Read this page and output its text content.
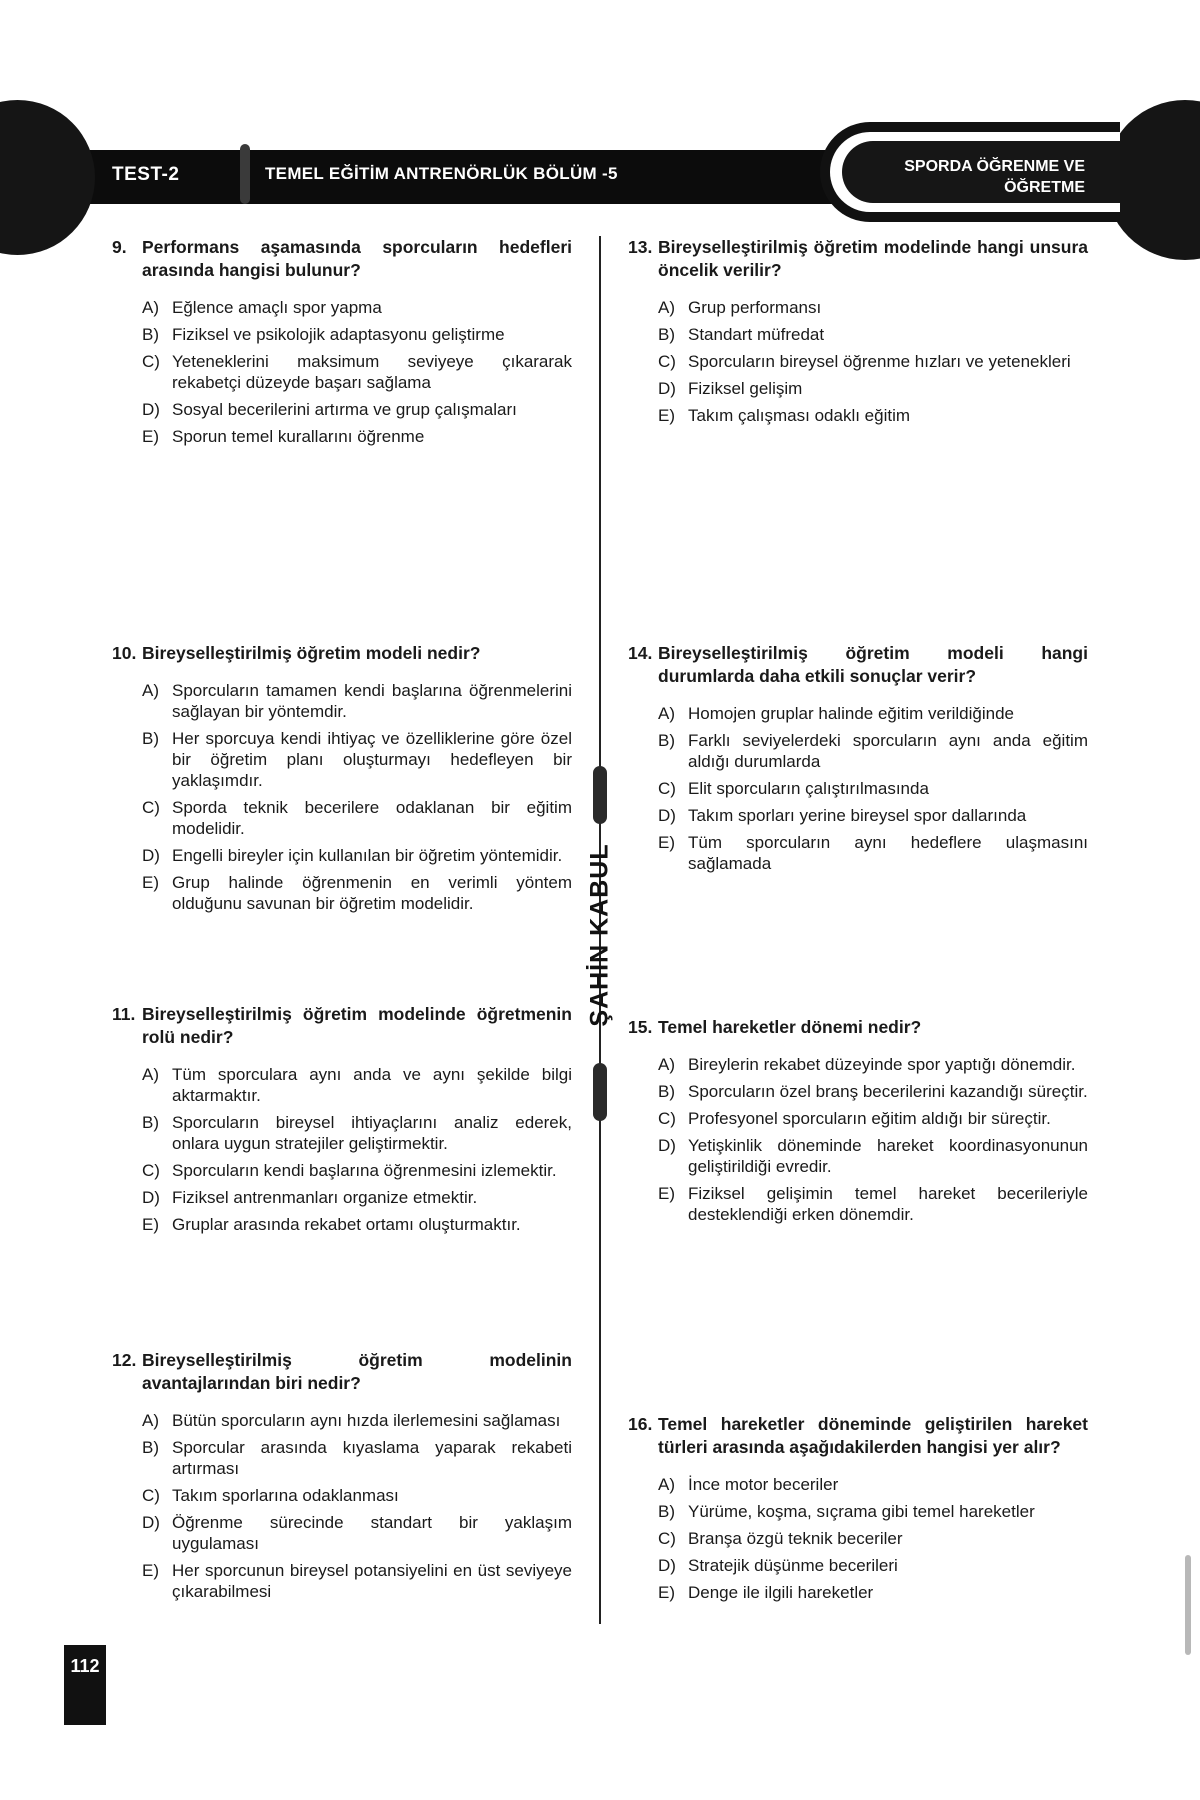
TEST-2	TEMEL EĞİTİM ANTRENÖRLÜK BÖLÜM -5	SPORDA ÖĞRENME VE
ÖĞRETME
ŞAHİN KABUL
9. Performans aşamasında sporcuların hedefleri arasında hangisi bulunur?
A) Eğlence amaçlı spor yapma
B) Fiziksel ve psikolojik adaptasyonu geliştirme
C) Yeteneklerini maksimum seviyeye çıkararak rekabetçi düzeyde başarı sağlama
D) Sosyal becerilerini artırma ve grup çalışmaları
E) Sporun temel kurallarını öğrenme
10. Bireyselleştirilmiş öğretim modeli nedir?
A) Sporcuların tamamen kendi başlarına öğrenmelerini sağlayan bir yöntemdir.
B) Her sporcuya kendi ihtiyaç ve özelliklerine göre özel bir öğretim planı oluşturmayı hedefleyen bir yaklaşımdır.
C) Sporda teknik becerilere odaklanan bir eğitim modelidir.
D) Engelli bireyler için kullanılan bir öğretim yöntemidir.
E) Grup halinde öğrenmenin en verimli yöntem olduğunu savunan bir öğretim modelidir.
11. Bireyselleştirilmiş öğretim modelinde öğretmenin rolü nedir?
A) Tüm sporculara aynı anda ve aynı şekilde bilgi aktarmaktır.
B) Sporcuların bireysel ihtiyaçlarını analiz ederek, onlara uygun stratejiler geliştirmektir.
C) Sporcuların kendi başlarına öğrenmesini izlemektir.
D) Fiziksel antrenmanları organize etmektir.
E) Gruplar arasında rekabet ortamı oluşturmaktır.
12. Bireyselleştirilmiş öğretim modelinin avantajlarından biri nedir?
A) Bütün sporcuların aynı hızda ilerlemesini sağlaması
B) Sporcular arasında kıyaslama yaparak rekabeti artırması
C) Takım sporlarına odaklanması
D) Öğrenme sürecinde standart bir yaklaşım uygulaması
E) Her sporcunun bireysel potansiyelini en üst seviyeye çıkarabilmesi
13. Bireyselleştirilmiş öğretim modelinde hangi unsura öncelik verilir?
A) Grup performansı
B) Standart müfredat
C) Sporcuların bireysel öğrenme hızları ve yetenekleri
D) Fiziksel gelişim
E) Takım çalışması odaklı eğitim
14. Bireyselleştirilmiş öğretim modeli hangi durumlarda daha etkili sonuçlar verir?
A) Homojen gruplar halinde eğitim verildiğinde
B) Farklı seviyelerdeki sporcuların aynı anda eğitim aldığı durumlarda
C) Elit sporcuların çalıştırılmasında
D) Takım sporları yerine bireysel spor dallarında
E) Tüm sporcuların aynı hedeflere ulaşmasını sağlamada
15. Temel hareketler dönemi nedir?
A) Bireylerin rekabet düzeyinde spor yaptığı dönemdir.
B) Sporcuların özel branş becerilerini kazandığı süreçtir.
C) Profesyonel sporcuların eğitim aldığı bir süreçtir.
D) Yetişkinlik döneminde hareket koordinasyonunun geliştirildiği evredir.
E) Fiziksel gelişimin temel hareket becerileriyle desteklendiği erken dönemdir.
16. Temel hareketler döneminde geliştirilen hareket türleri arasında aşağıdakilerden hangisi yer alır?
A) İnce motor beceriler
B) Yürüme, koşma, sıçrama gibi temel hareketler
C) Branşa özgü teknik beceriler
D) Stratejik düşünme becerileri
E) Denge ile ilgili hareketler
112
